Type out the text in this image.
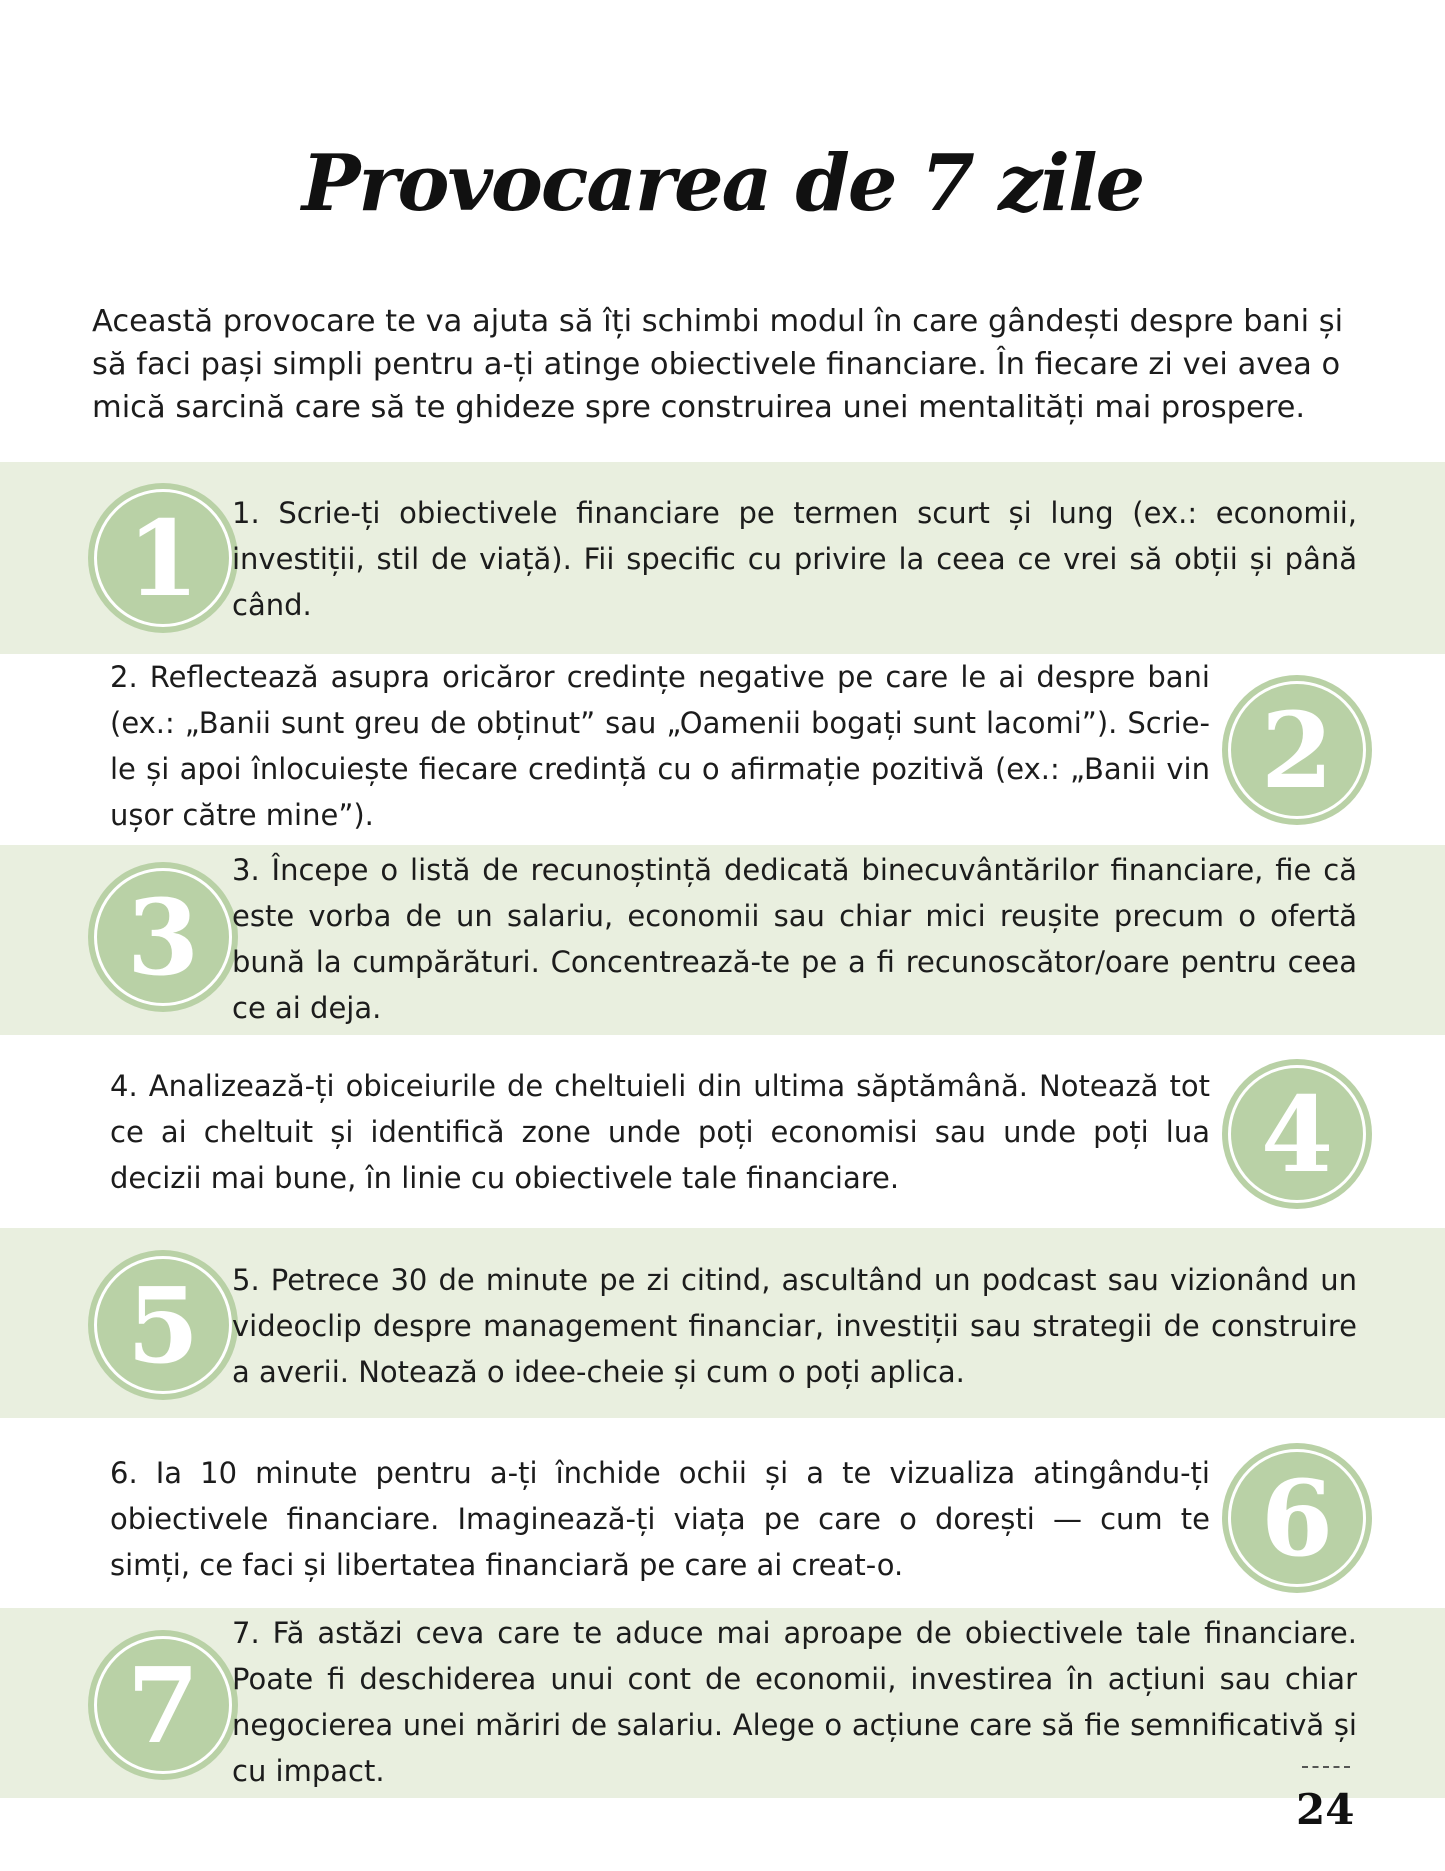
Provocarea de 7 zile
Această provocare te va ajuta să îți schimbi modul în care gândești despre bani și să faci pași simpli pentru a-ți atinge obiectivele financiare. În fiecare zi vei avea o mică sarcină care să te ghideze spre construirea unei mentalități mai prospere.
1	1. Scrie-ți obiectivele financiare pe termen scurt și lung (ex.: economii, investiții, stil de viață). Fii specific cu privire la ceea ce vrei să obții și până când.
2
2. Reflectează asupra oricăror credințe negative pe care le ai despre bani (ex.: „Banii sunt greu de obținut” sau „Oamenii bogați sunt lacomi”). Scrie-le și apoi înlocuiește fiecare credință cu o afirmație pozitivă (ex.: „Banii vin ușor către mine”).
3
3. Începe o listă de recunoștință dedicată binecuvântărilor financiare, fie că este vorba de un salariu, economii sau chiar mici reușite precum o ofertă bună la cumpărături. Concentrează-te pe a fi recunoscător/oare pentru ceea ce ai deja.
4
4. Analizează-ți obiceiurile de cheltuieli din ultima săptămână. Notează tot ce ai cheltuit și identifică zone unde poți economisi sau unde poți lua decizii mai bune, în linie cu obiectivele tale financiare.
5	5. Petrece 30 de minute pe zi citind, ascultând un podcast sau vizionând un videoclip despre management financiar, investiții sau strategii de construire a averii. Notează o idee-cheie și cum o poți aplica.
6
6. Ia 10 minute pentru a-ți închide ochii și a te vizualiza atingându-ți obiectivele financiare. Imaginează-ți viața pe care o dorești — cum te simți, ce faci și libertatea financiară pe care ai creat-o.
7
7. Fă astăzi ceva care te aduce mai aproape de obiectivele tale financiare. Poate fi deschiderea unui cont de economii, investirea în acțiuni sau chiar negocierea unei măriri de salariu. Alege o acțiune care să fie semnificativă și cu impact.
24
